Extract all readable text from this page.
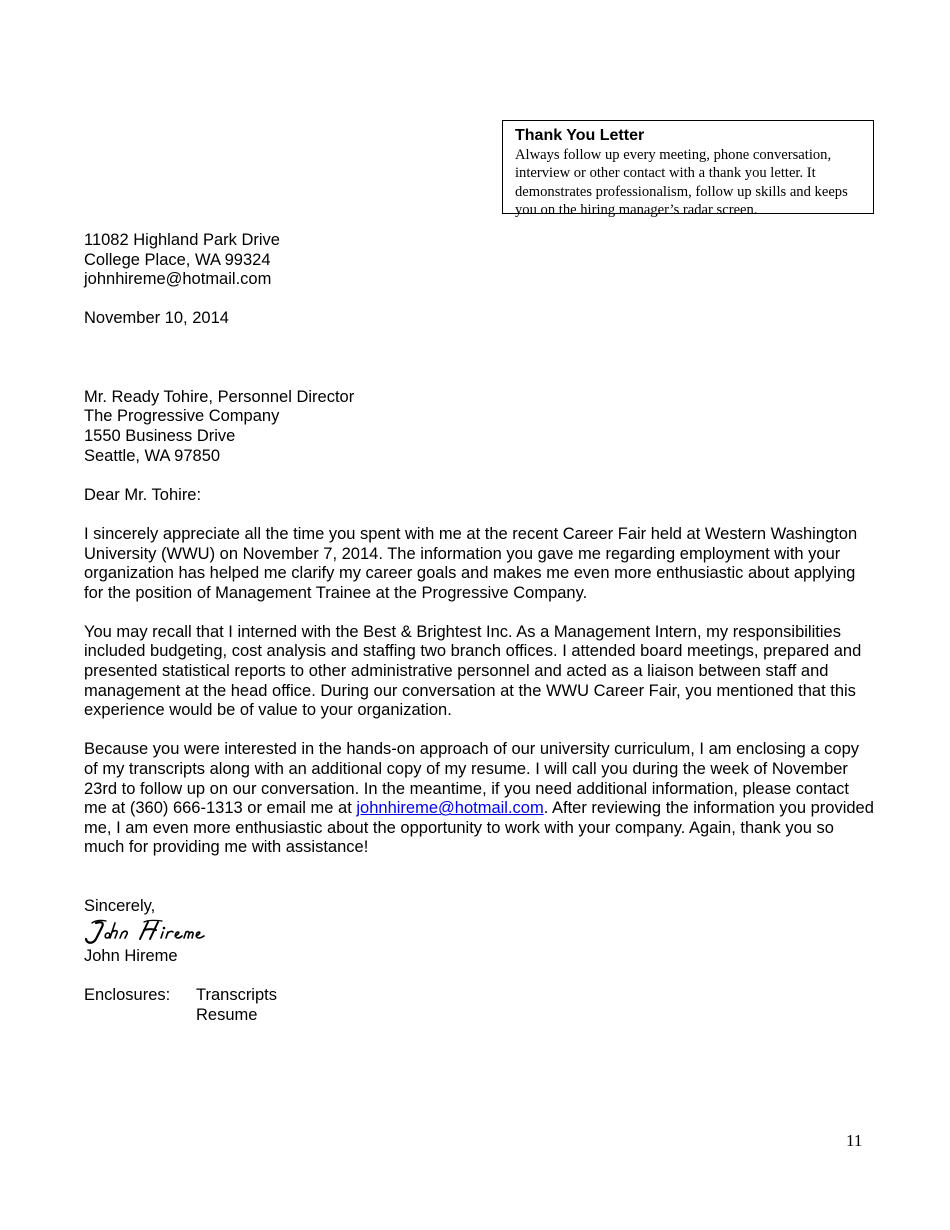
Thank You Letter
Always follow up every meeting, phone conversation, interview or other contact with a thank you letter. It demonstrates professionalism, follow up skills and keeps you on the hiring manager’s radar screen.
11082 Highland Park Drive
College Place, WA 99324
johnhireme@hotmail.com
November 10, 2014
Mr. Ready Tohire, Personnel Director
The Progressive Company
1550 Business Drive
Seattle, WA 97850
Dear Mr. Tohire:

I sincerely appreciate all the time you spent with me at the recent Career Fair held at Western Washington University (WWU) on November 7, 2014. The information you gave me regarding employment with your organization has helped me clarify my career goals and makes me even more enthusiastic about applying for the position of Management Trainee at the Progressive Company.

You may recall that I interned with the Best & Brightest Inc. As a Management Intern, my responsibilities included budgeting, cost analysis and staffing two branch offices. I attended board meetings, prepared and presented statistical reports to other administrative personnel and acted as a liaison between staff and management at the head office. During our conversation at the WWU Career Fair, you mentioned that this experience would be of value to your organization.

Because you were interested in the hands-on approach of our university curriculum, I am enclosing a copy of my transcripts along with an additional copy of my resume. I will call you during the week of November 23rd to follow up on our conversation. In the meantime, if you need additional information, please contact me at (360) 666-1313 or email me at johnhireme@hotmail.com. After reviewing the information you provided me, I am even more enthusiastic about the opportunity to work with your company. Again, thank you so much for providing me with assistance!

Sincerely,
John Hireme
Enclosures:	Transcripts
Resume
11
